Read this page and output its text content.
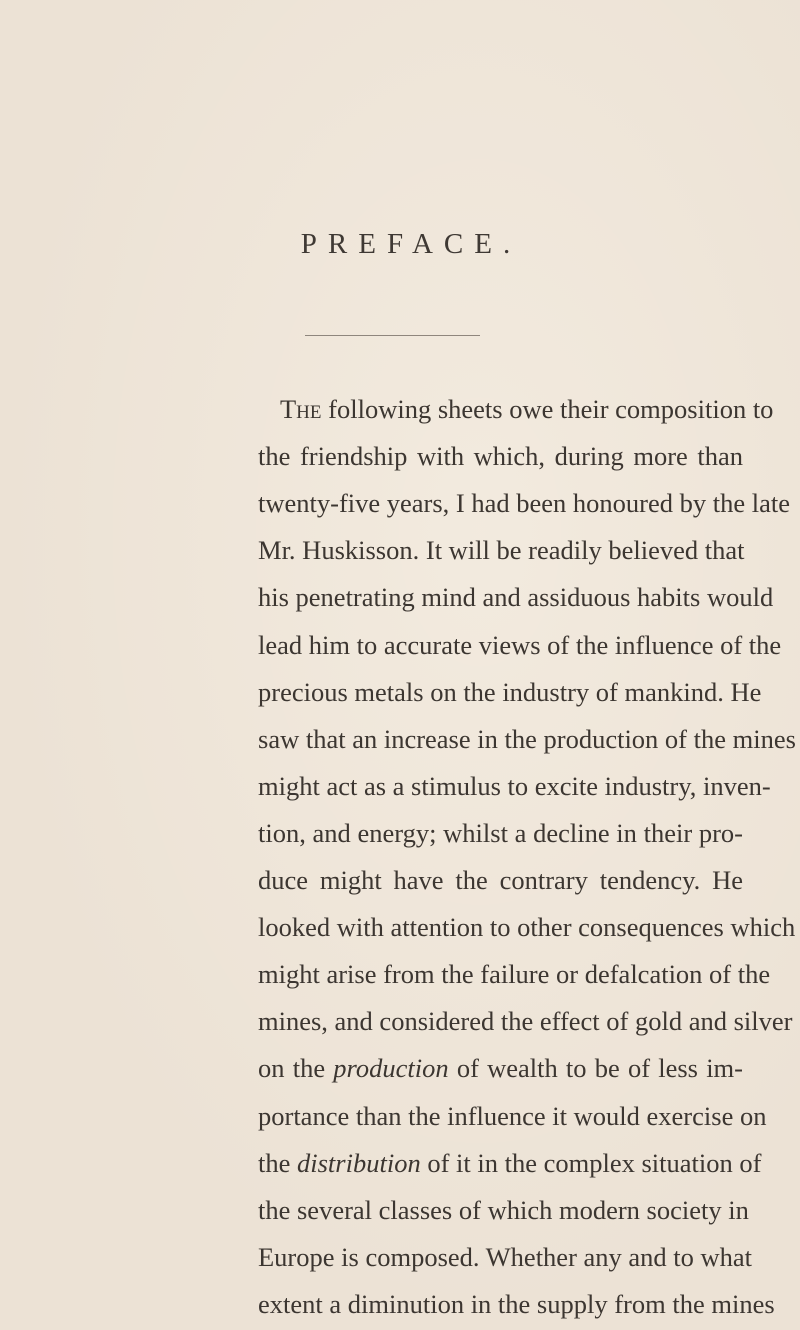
PREFACE.
The following sheets owe their composition to
the friendship with which, during more than
twenty-five years, I had been honoured by the late
Mr. Huskisson. It will be readily believed that
his penetrating mind and assiduous habits would
lead him to accurate views of the influence of the
precious metals on the industry of mankind. He
saw that an increase in the production of the mines
might act as a stimulus to excite industry, inven-
tion, and energy; whilst a decline in their pro-
duce might have the contrary tendency. He
looked with attention to other consequences which
might arise from the failure or defalcation of the
mines, and considered the effect of gold and silver
on the production of wealth to be of less im-
portance than the influence it would exercise on
the distribution of it in the complex situation of
the several classes of which modern society in
Europe is composed. Whether any and to what
extent a diminution in the supply from the mines
